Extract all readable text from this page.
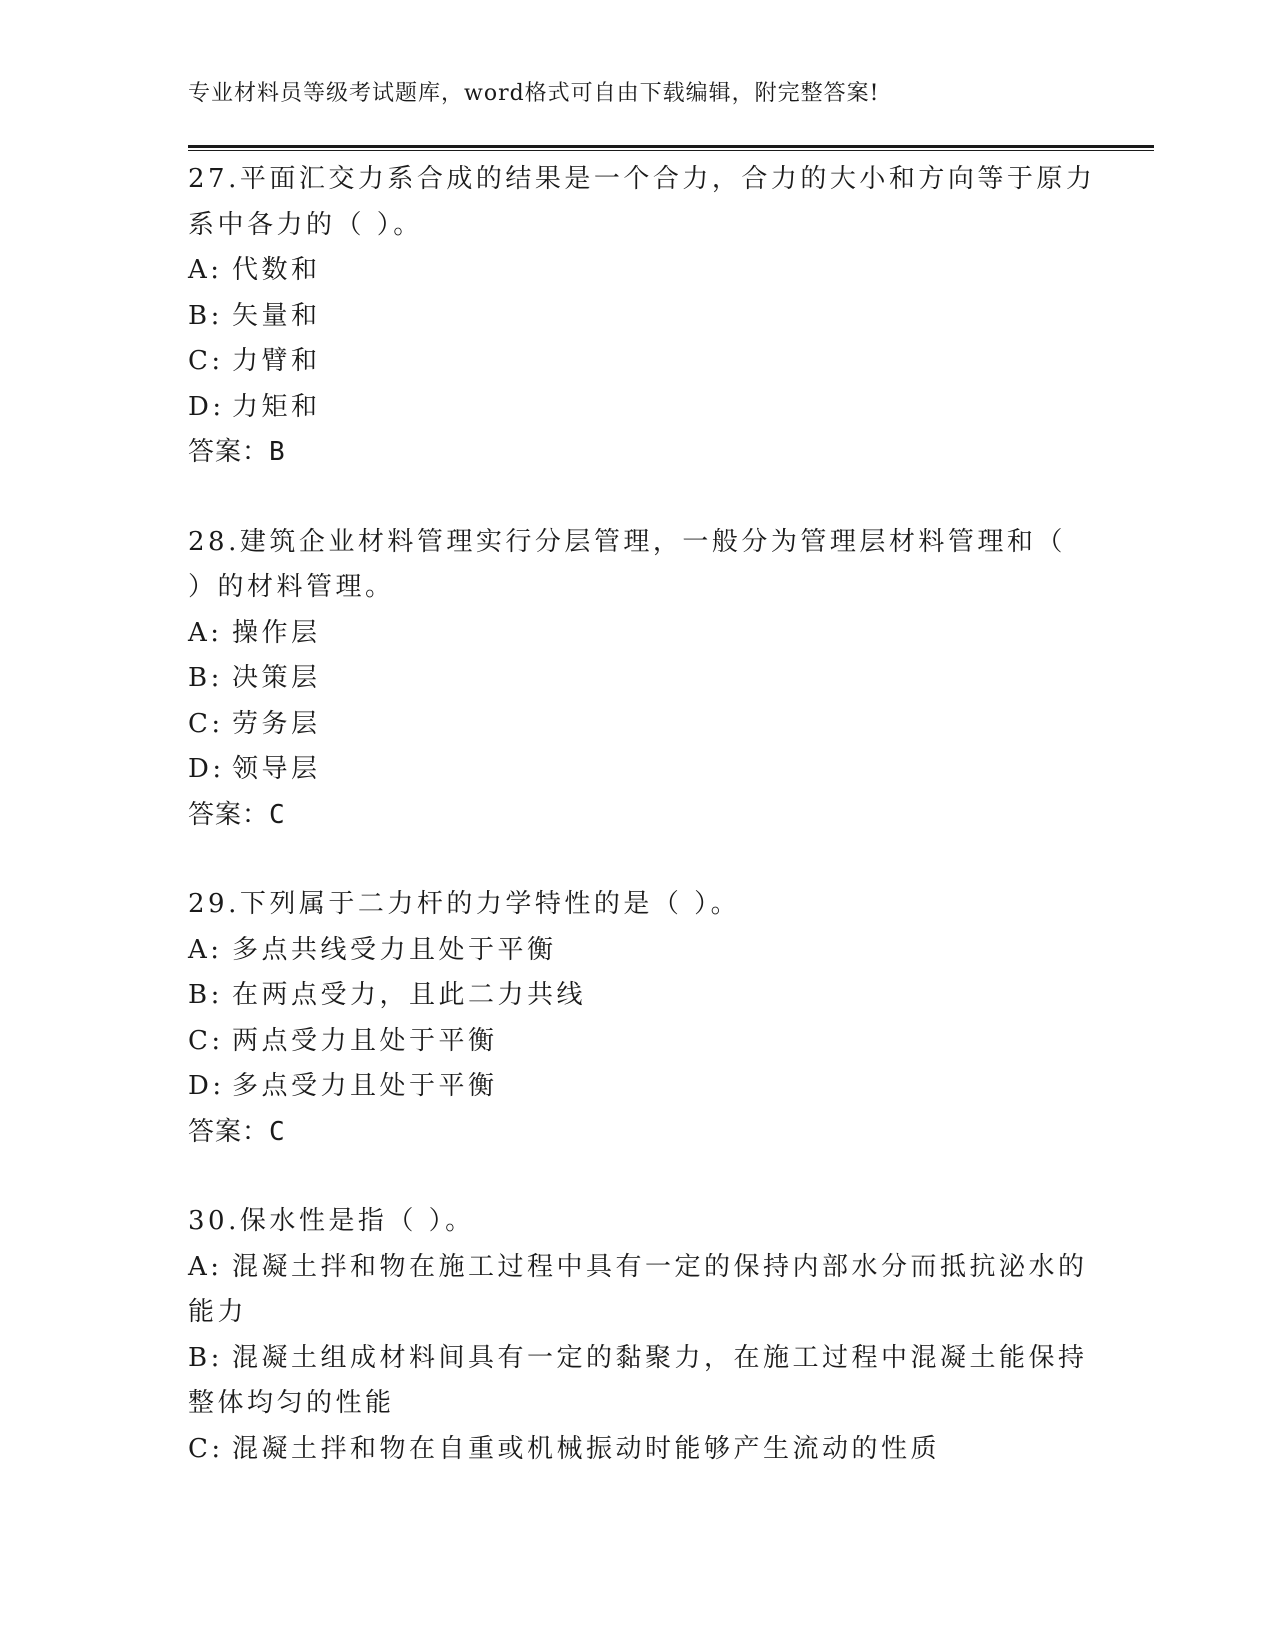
专业材料员等级考试题库，word格式可自由下载编辑，附完整答案!
27.平面汇交力系合成的结果是一个合力，合力的大小和方向等于原力
系中各力的（ ）。
A: 代数和
B: 矢量和
C: 力臂和
D: 力矩和
答案：B
28.建筑企业材料管理实行分层管理，一般分为管理层材料管理和（
）的材料管理。
A: 操作层
B: 决策层
C: 劳务层
D: 领导层
答案：C
29.下列属于二力杆的力学特性的是（ ）。
A: 多点共线受力且处于平衡
B: 在两点受力，且此二力共线
C: 两点受力且处于平衡
D: 多点受力且处于平衡
答案：C
30.保水性是指（ ）。
A: 混凝土拌和物在施工过程中具有一定的保持内部水分而抵抗泌水的
能力
B: 混凝土组成材料间具有一定的黏聚力，在施工过程中混凝土能保持
整体均匀的性能
C: 混凝土拌和物在自重或机械振动时能够产生流动的性质
